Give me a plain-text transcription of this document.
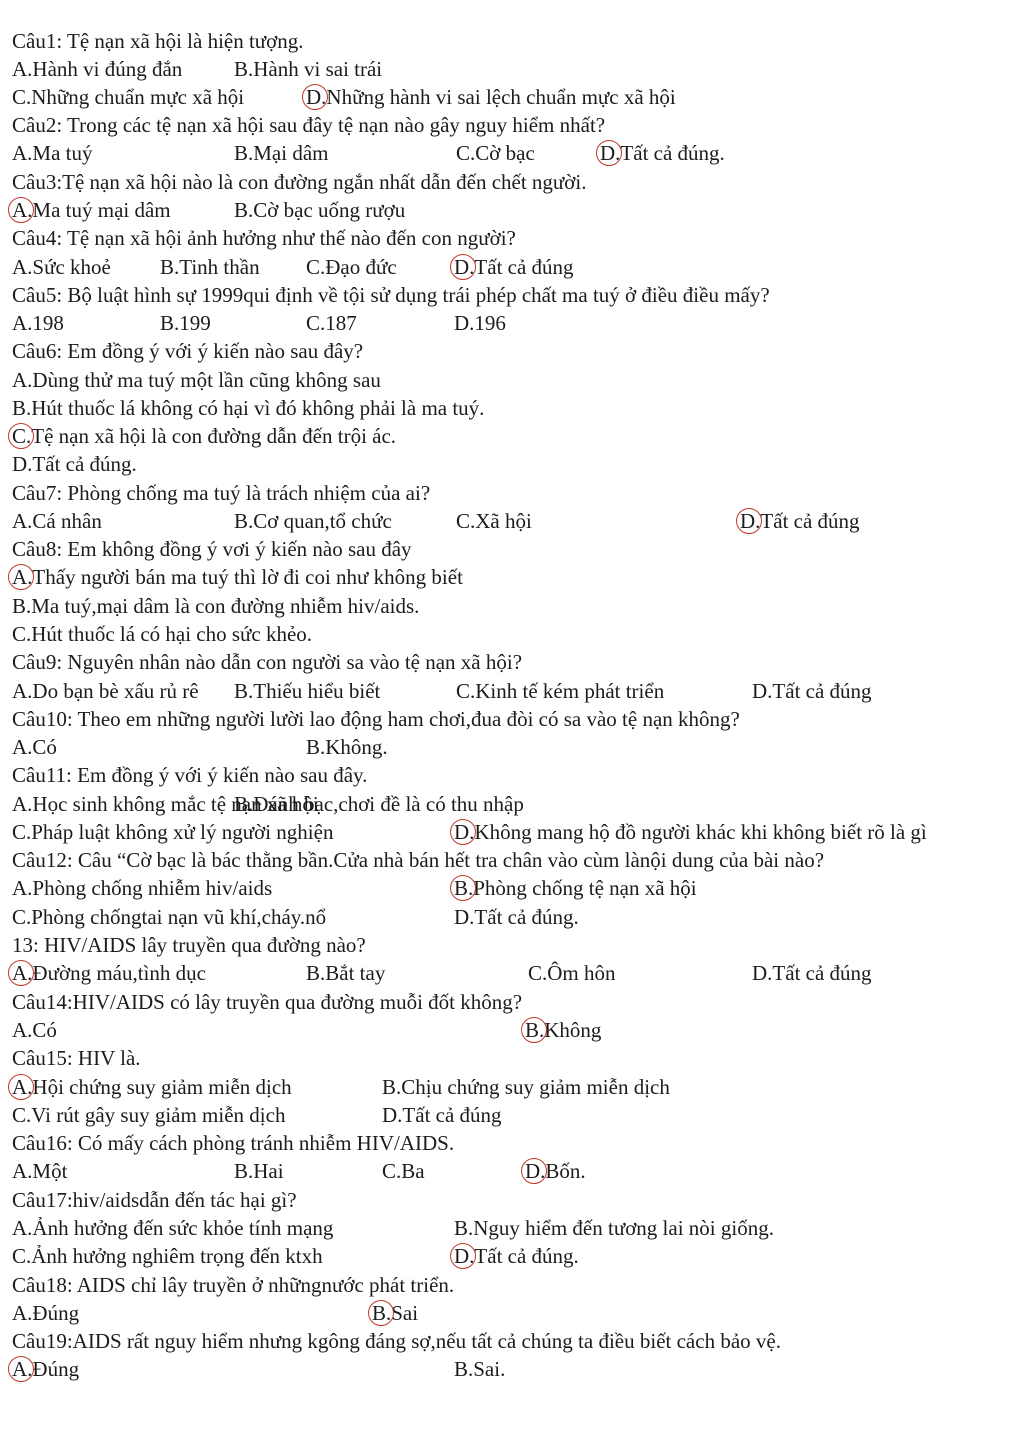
Câu1: Tệ nạn xã hội là hiện tượng.
A.Hành vi đúng đắn B.Hành vi sai trái
C.Những chuẩn mực xã hội	D.Những hành vi sai lệch chuẩn mực xã hội
Câu2: Trong các tệ nạn xã hội sau đây tệ nạn nào gây nguy hiểm nhất?
A.Ma tuý	B.Mại dâm	C.Cờ bạc	D.Tất cả đúng.
Câu3:Tệ nạn xã hội nào là con đường ngắn nhất dẫn đến chết người.
A.Ma tuý mại dâm	B.Cờ bạc uống rượu
Câu4: Tệ nạn xã hội ảnh hưởng như thế nào đến con người?
A.Sức khoẻ B.Tinh thần C.Đạo đức	D.Tất cả đúng
Câu5: Bộ luật hình sự 1999qui định về tội sử dụng trái phép chất ma tuý ở điều điều mấy?
A.198	B.199	C.187	D.196
Câu6: Em đồng ý với ý kiến nào sau đây?
A.Dùng thử ma tuý một lần cũng không sau
B.Hút thuốc lá không có hại vì đó không phải là ma tuý.
C.Tệ nạn xã hội là con đường dẫn đến trội ác.
D.Tất cả đúng.
Câu7: Phòng chống ma tuý là trách nhiệm của ai?
A.Cá nhân	B.Cơ quan,tổ chức	C.Xã hội	D.Tất cả đúng
Câu8: Em không đồng ý vơi ý kiến nào sau đây
A.Thấy người bán ma tuý thì lờ đi coi như không biết
B.Ma tuý,mại dâm là con đường nhiễm hiv/aids.
C.Hút thuốc lá có hại cho sức khẻo.
Câu9: Nguyên nhân nào dẫn con người sa vào tệ nạn xã hội?
A.Do bạn bè xấu rủ rê B.Thiếu hiểu biết	C.Kinh tế kém phát triển	D.Tất cả đúng
Câu10: Theo em những người lười lao động ham chơi,đua đòi có sa vào tệ nạn không?
A.Có	B.Không.
Câu11: Em đồng ý với ý kiến nào sau đây.
A.Học sinh không mắc tệ nạn xã hội
B.Đánh bạc,chơi đề là có thu nhập
C.Pháp luật không xử lý người nghiện	D.Không mang hộ đồ người khác khi không biết rõ là gì
Câu12: Câu “Cờ bạc là bác thằng bần.Cửa nhà bán hết tra chân vào cùm lànội dung của bài nào?
A.Phòng chống nhiễm hiv/aids	B.Phòng chống tệ nạn xã hội
C.Phòng chốngtai nạn vũ khí,cháy.nổ	D.Tất cả đúng.
13: HIV/AIDS lây truyền qua đường nào?
A.Đường máu,tình dục	B.Bắt tay	C.Ôm hôn	D.Tất cả đúng
Câu14:HIV/AIDS có lây truyền qua đường muỗi đốt không?
A.Có	B.Không
Câu15: HIV là.
A.Hội chứng suy giảm miễn dịch	B.Chịu chứng suy giảm miễn dịch
C.Vi rút gây suy giảm miễn dịch	D.Tất cả đúng
Câu16: Có mấy cách phòng tránh nhiễm HIV/AIDS.
A.Một	B.Hai	C.Ba	D.Bốn.
Câu17:hiv/aidsdẫn đến tác hại gì?
A.Ảnh hưởng đến sức khỏe tính mạng	B.Nguy hiểm đến tương lai nòi giống.
C.Ảnh hưởng nghiêm trọng đến ktxh	D.Tất cả đúng.
Câu18: AIDS chỉ lây truyền ở nhữngnước phát triển.
A.Đúng	B.Sai
Câu19:AIDS rất nguy hiểm nhưng kgông đáng sợ,nếu tất cả chúng ta điều biết cách bảo vệ.
A.Đúng	B.Sai.
